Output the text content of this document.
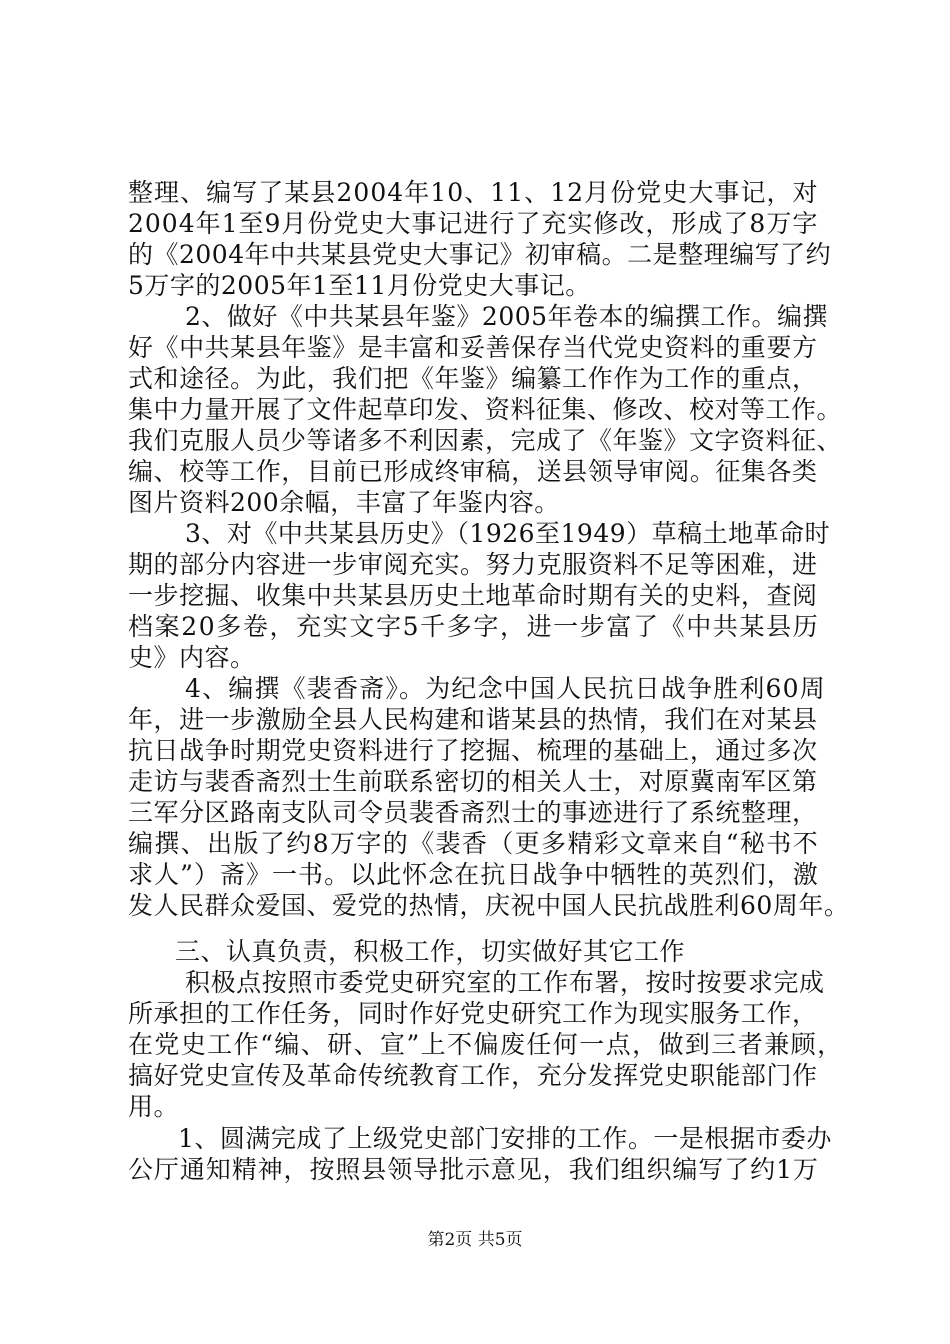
整理、编写了某县2004年10、11、12月份党史大事记，对
2004年1至9月份党史大事记进行了充实修改，形成了8万字
的《2004年中共某县党史大事记》初审稿。二是整理编写了约
5万字的2005年1至11月份党史大事记。
2、做好《中共某县年鉴》2005年卷本的编撰工作。编撰
好《中共某县年鉴》是丰富和妥善保存当代党史资料的重要方
式和途径。为此，我们把《年鉴》编纂工作作为工作的重点，
集中力量开展了文件起草印发、资料征集、修改、校对等工作。
我们克服人员少等诸多不利因素，完成了《年鉴》文字资料征、
编、校等工作，目前已形成终审稿，送县领导审阅。征集各类
图片资料200余幅，丰富了年鉴内容。
3、对《中共某县历史》（1926至1949）草稿土地革命时
期的部分内容进一步审阅充实。努力克服资料不足等困难，进
一步挖掘、收集中共某县历史土地革命时期有关的史料，查阅
档案20多卷，充实文字5千多字，进一步富了《中共某县历
史》内容。
4、编撰《裴香斋》。为纪念中国人民抗日战争胜利60周
年，进一步激励全县人民构建和谐某县的热情，我们在对某县
抗日战争时期党史资料进行了挖掘、梳理的基础上，通过多次
走访与裴香斋烈士生前联系密切的相关人士，对原冀南军区第
三军分区路南支队司令员裴香斋烈士的事迹进行了系统整理，
编撰、出版了约8万字的《裴香（更多精彩文章来自“秘书不
求人”）斋》一书。以此怀念在抗日战争中牺牲的英烈们，激
发人民群众爱国、爱党的热情，庆祝中国人民抗战胜利60周年。
三、认真负责，积极工作，切实做好其它工作
积极点按照市委党史研究室的工作布署，按时按要求完成
所承担的工作任务，同时作好党史研究工作为现实服务工作，
在党史工作“编、研、宣”上不偏废任何一点，做到三者兼顾，
搞好党史宣传及革命传统教育工作，充分发挥党史职能部门作
用。
1、圆满完成了上级党史部门安排的工作。一是根据市委办
公厅通知精神，按照县领导批示意见，我们组织编写了约1万
第2页 共5页
